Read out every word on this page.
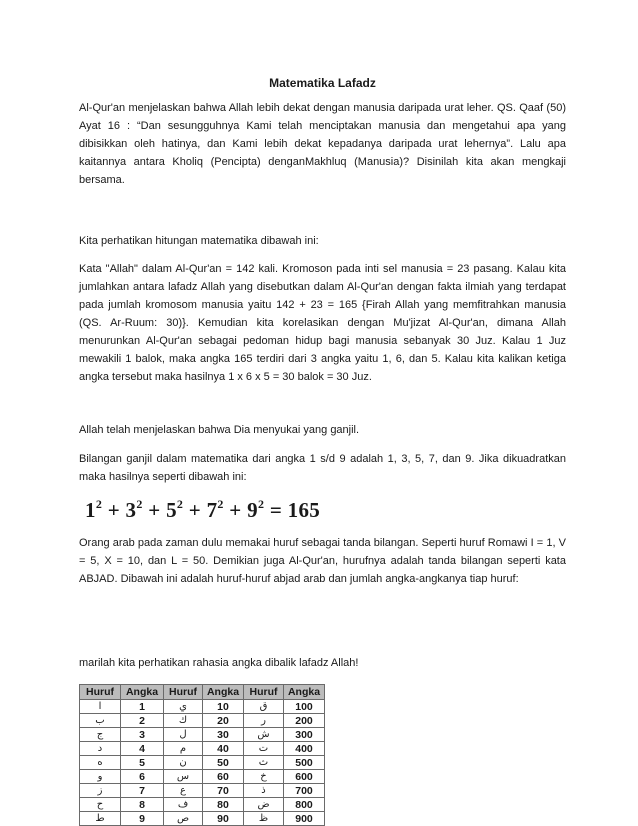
Matematika Lafadz

Al-Qur'an menjelaskan bahwa Allah lebih dekat dengan manusia daripada urat leher. QS. Qaaf (50) Ayat 16 : “Dan sesungguhnya Kami telah menciptakan manusia dan mengetahui apa yang dibisikkan oleh hatinya, dan Kami lebih dekat kepadanya daripada urat lehernya”. Lalu apa kaitannya antara Kholiq (Pencipta) denganMakhluq (Manusia)? Disinilah kita akan mengkaji bersama.

Kita perhatikan hitungan matematika dibawah ini:

Kata "Allah" dalam Al-Qur'an = 142 kali. Kromoson pada inti sel manusia = 23 pasang. Kalau kita jumlahkan antara lafadz Allah yang disebutkan dalam Al-Qur'an dengan fakta ilmiah yang terdapat pada jumlah kromosom manusia yaitu 142 + 23 = 165 {Firah Allah yang memfitrahkan manusia (QS. Ar-Ruum: 30)}. Kemudian kita korelasikan dengan Mu'jizat Al-Qur'an, dimana Allah menurunkan Al-Qur'an sebagai pedoman hidup bagi manusia sebanyak 30 Juz. Kalau 1 Juz mewakili 1 balok, maka angka 165 terdiri dari 3 angka yaitu 1, 6, dan 5. Kalau kita kalikan ketiga angka tersebut maka hasilnya 1 x 6 x 5 = 30 balok = 30 Juz.

Allah telah menjelaskan bahwa Dia menyukai yang ganjil.

Bilangan ganjil dalam matematika dari angka 1 s/d 9 adalah 1, 3, 5, 7, dan 9. Jika dikuadratkan maka hasilnya seperti dibawah ini:

$1^2 + 3^2 + 5^2 + 7^2 + 9^2 = 165$

Orang arab pada zaman dulu memakai huruf sebagai tanda bilangan. Seperti huruf Romawi I = 1, V = 5, X = 10, dan L = 50. Demikian juga Al-Qur'an, hurufnya adalah tanda bilangan seperti kata ABJAD. Dibawah ini adalah huruf-huruf abjad arab dan jumlah angka-angkanya tiap huruf:

marilah kita perhatikan rahasia angka dibalik lafadz Allah!

Huruf	Angka	Huruf	Angka	Huruf	Angka
ا	1	ي	10	ق	100
ب	2	ك	20	ر	200
ج	3	ل	30	ش	300
د	4	م	40	ت	400
ه	5	ن	50	ث	500
و	6	س	60	خ	600
ز	7	ع	70	ذ	700
ح	8	ف	80	ض	800
ط	9	ص	90	ظ	900
